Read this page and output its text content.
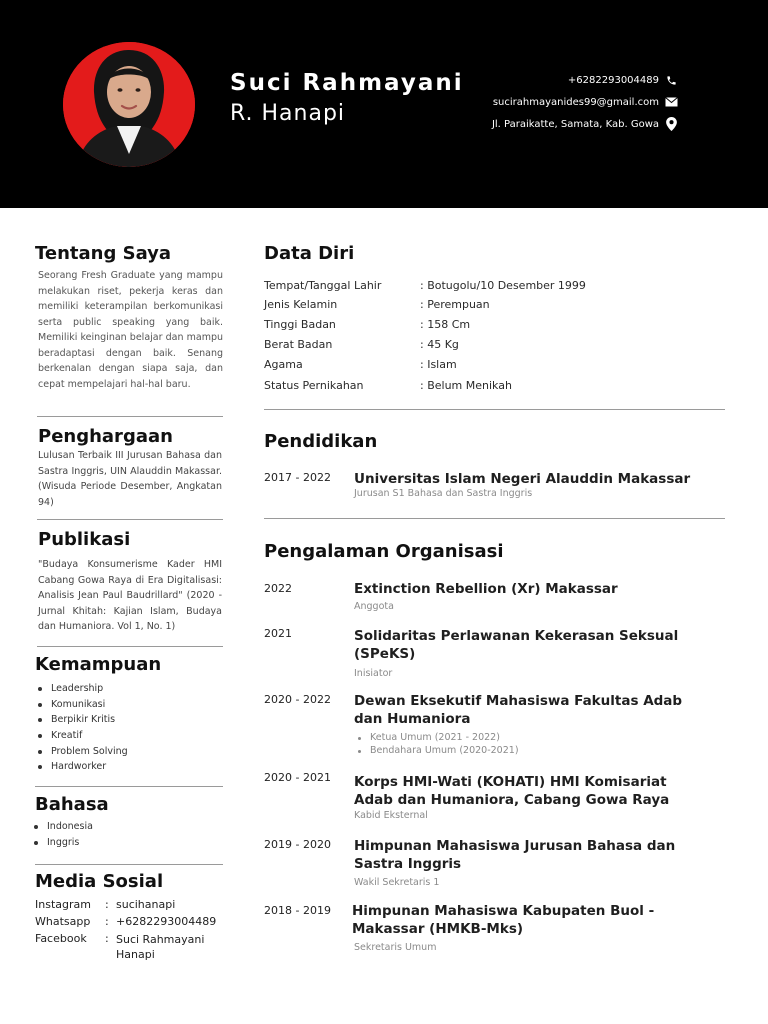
Suci Rahmayani
R. Hanapi
+6282293004489
sucirahmayanides99@gmail.com
Jl. Paraikatte, Samata, Kab. Gowa
Tentang Saya
Seorang Fresh Graduate yang mampu melakukan riset, pekerja keras dan memiliki keterampilan berkomunikasi serta public speaking yang baik. Memiliki keinginan belajar dan mampu beradaptasi dengan baik. Senang berkenalan dengan siapa saja, dan cepat mempelajari hal-hal baru.
Penghargaan
Lulusan Terbaik III Jurusan Bahasa dan Sastra Inggris, UIN Alauddin Makassar. (Wisuda Periode Desember, Angkatan 94)
Publikasi
"Budaya Konsumerisme Kader HMI Cabang Gowa Raya di Era Digitalisasi: Analisis Jean Paul Baudrillard" (2020 - Jurnal Khitah: Kajian Islam, Budaya dan Humaniora. Vol 1, No. 1)
Kemampuan
Leadership
Komunikasi
Berpikir Kritis
Kreatif
Problem Solving
Hardworker
Bahasa
Indonesia
Inggris
Media Sosial
Instagram	: sucihanapi
Whatsapp	: +6282293004489
Facebook	: Suci Rahmayani Hanapi
Data Diri
Tempat/Tanggal Lahir	: Botugolu/10 Desember 1999
Jenis Kelamin	: Perempuan
Tinggi Badan	: 158 Cm
Berat Badan	: 45 Kg
Agama	: Islam
Status Pernikahan	: Belum Menikah
Pendidikan
2017 - 2022 Universitas Islam Negeri Alauddin Makassar
Jurusan S1 Bahasa dan Sastra Inggris
Pengalaman Organisasi
2022	Extinction Rebellion (Xr) Makassar
Anggota
2021	Solidaritas Perlawanan Kekerasan Seksual (SPeKS)
Inisiator
2020 - 2022 Dewan Eksekutif Mahasiswa Fakultas Adab dan Humaniora
Ketua Umum (2021 - 2022)
Bendahara Umum (2020-2021)
2020 - 2021 Korps HMI-Wati (KOHATI) HMI Komisariat Adab dan Humaniora, Cabang Gowa Raya
Kabid Eksternal
2019 - 2020 Himpunan Mahasiswa Jurusan Bahasa dan Sastra Inggris
Wakil Sekretaris 1
2018 - 2019 Himpunan Mahasiswa Kabupaten Buol - Makassar (HMKB-Mks)
Sekretaris Umum
